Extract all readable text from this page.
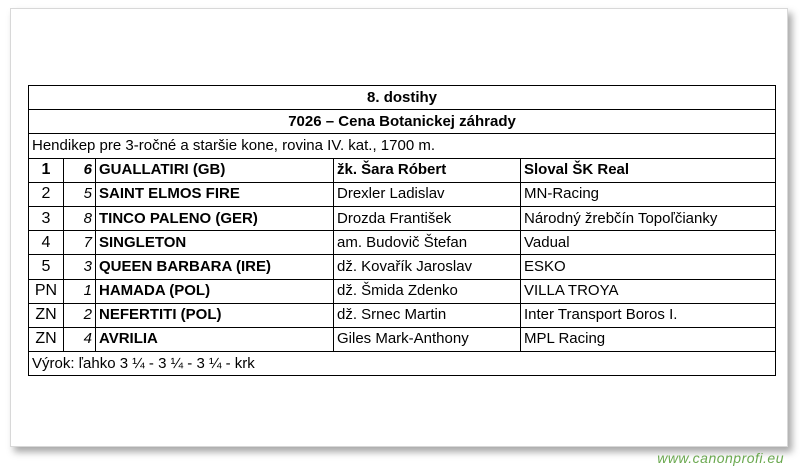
8. dostihy				
7026 – Cena Botanickej záhrady				
Hendikep pre 3-ročné a staršie kone, rovina IV. kat., 1700 m.				
1	6	GUALLATIRI (GB)	žk. Šara Róbert	Sloval ŠK Real
2	5	SAINT ELMOS FIRE	Drexler Ladislav	MN-Racing
3	8	TINCO PALENO (GER)	Drozda František	Národný žrebčín Topoľčianky
4	7	SINGLETON	am. Budovič Štefan	Vadual
5	3	QUEEN BARBARA (IRE)	dž. Kovařík Jaroslav	ESKO
PN	1	HAMADA (POL)	dž. Šmida Zdenko	VILLA TROYA
ZN	2	NEFERTITI (POL)	dž. Srnec Martin	Inter Transport Boros I.
ZN	4	AVRILIA	Giles Mark-Anthony	MPL Racing
Výrok: ľahko 3 ¼ - 3 ¼ - 3 ¼ - krk				
www.canonprofi.eu
